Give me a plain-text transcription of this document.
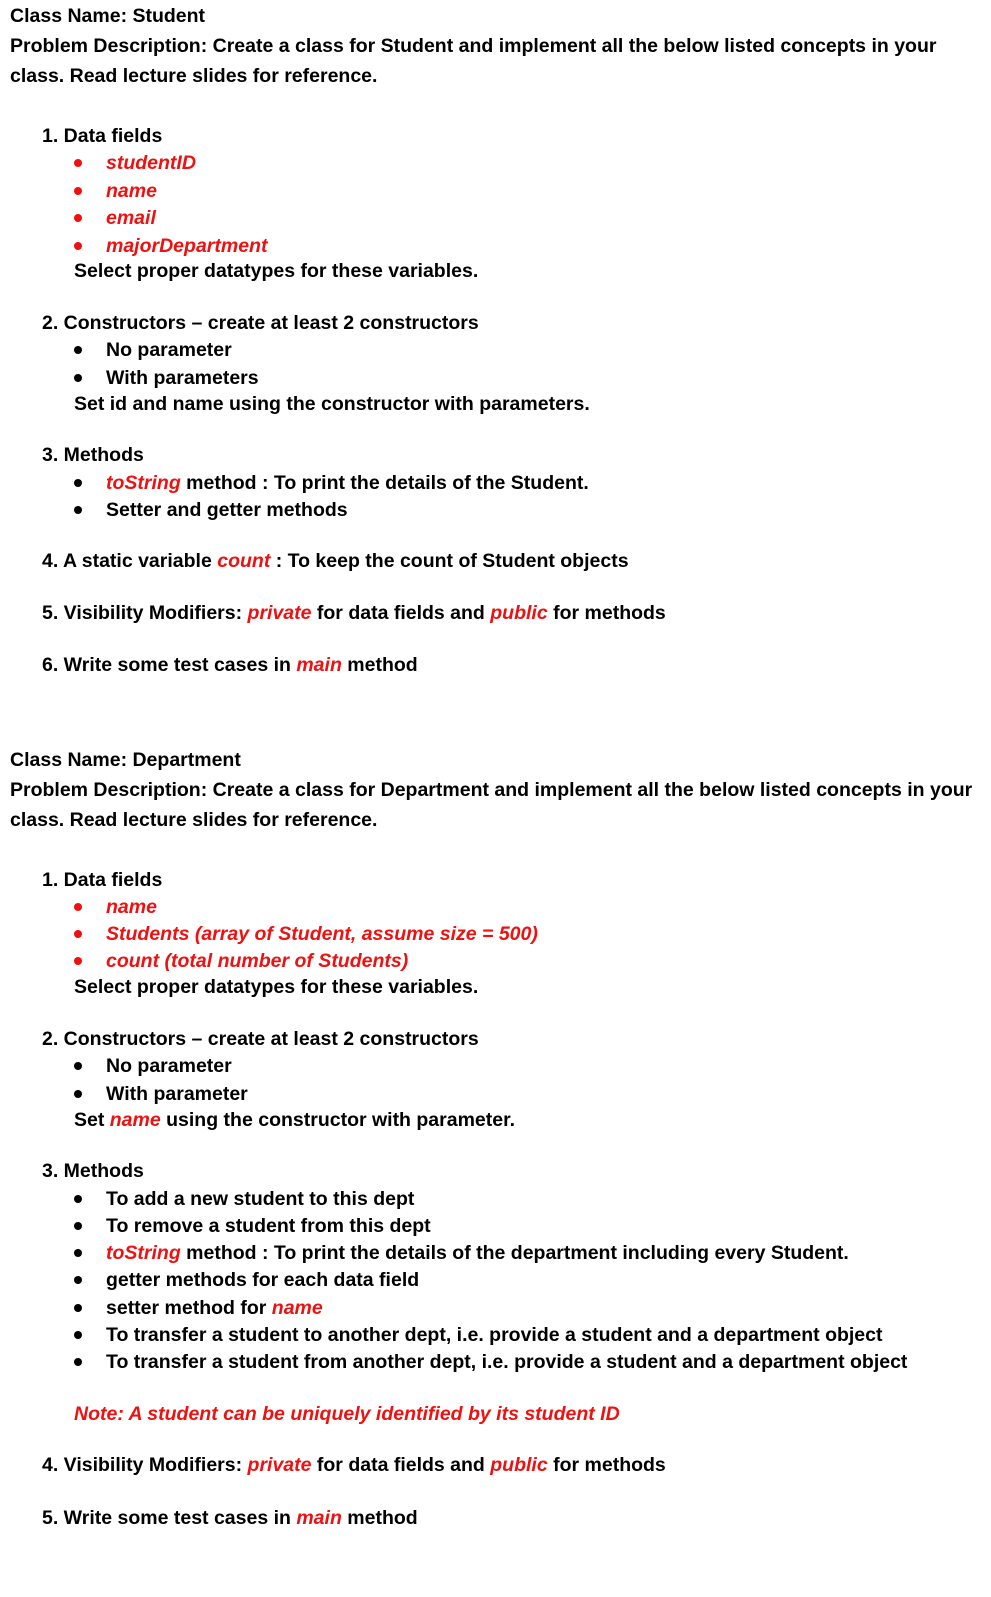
Class Name: Student
Problem Description: Create a class for Student and implement all the below listed concepts in your
class. Read lecture slides for reference.
1. Data fields
studentID
name
email
majorDepartment
Select proper datatypes for these variables.
2. Constructors – create at least 2 constructors
No parameter
With parameters
Set id and name using the constructor with parameters.
3. Methods
toString method : To print the details of the Student.
Setter and getter methods
4. A static variable count : To keep the count of Student objects
5. Visibility Modifiers: private for data fields and public for methods
6. Write some test cases in main method
Class Name: Department
Problem Description: Create a class for Department and implement all the below listed concepts in your
class. Read lecture slides for reference.
1. Data fields
name
Students (array of Student, assume size = 500)
count (total number of Students)
Select proper datatypes for these variables.
2. Constructors – create at least 2 constructors
No parameter
With parameter
Set name using the constructor with parameter.
3. Methods
To add a new student to this dept
To remove a student from this dept
toString method : To print the details of the department including every Student.
getter methods for each data field
setter method for name
To transfer a student to another dept, i.e. provide a student and a department object
To transfer a student from another dept, i.e. provide a student and a department object
Note: A student can be uniquely identified by its student ID
4. Visibility Modifiers: private for data fields and public for methods
5. Write some test cases in main method
